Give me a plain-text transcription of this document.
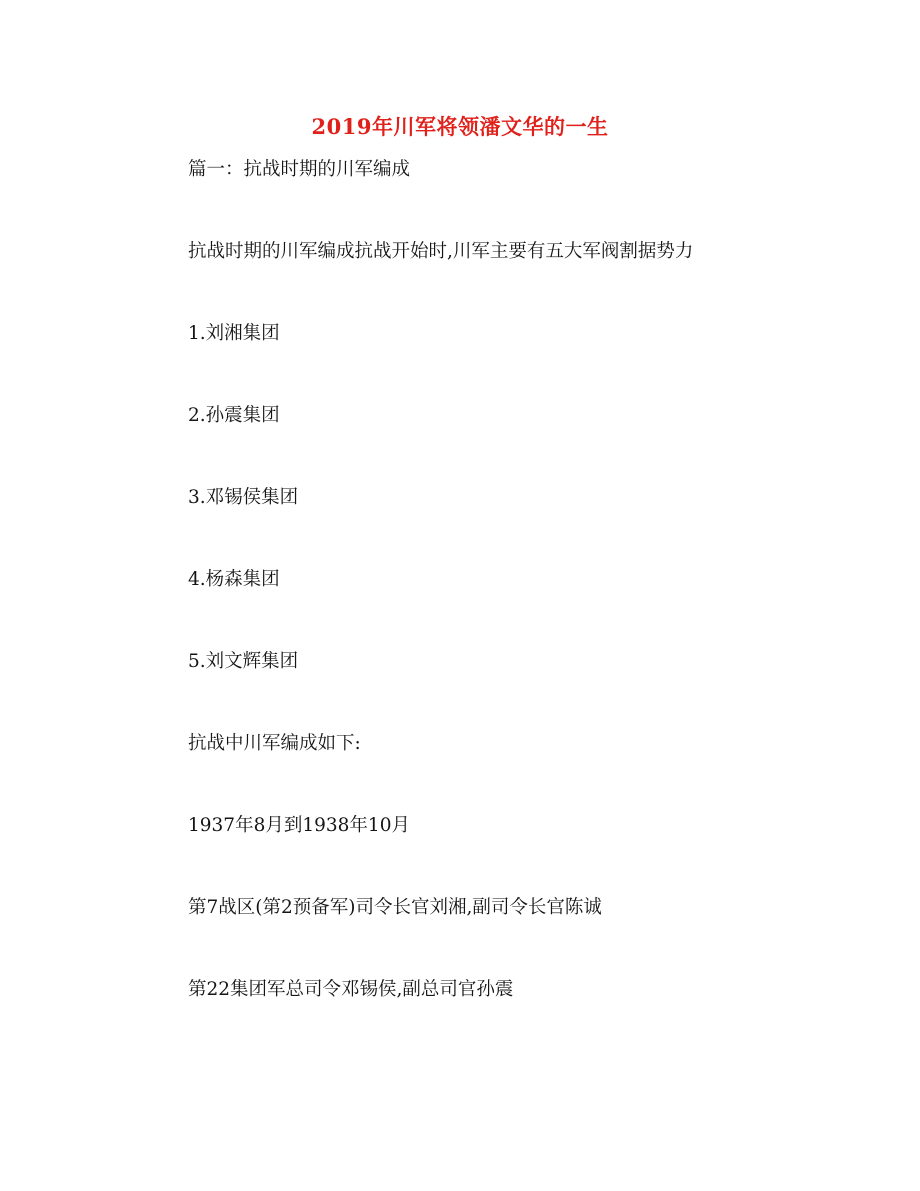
2019年川军将领潘文华的一生
篇一：抗战时期的川军编成
抗战时期的川军编成抗战开始时,川军主要有五大军阀割据势力
1.刘湘集团
2.孙震集团
3.邓锡侯集团
4.杨森集团
5.刘文辉集团
抗战中川军编成如下:
1937年8月到1938年10月
第7战区(第2预备军)司令长官刘湘,副司令长官陈诚
第22集团军总司令邓锡侯,副总司官孙震
